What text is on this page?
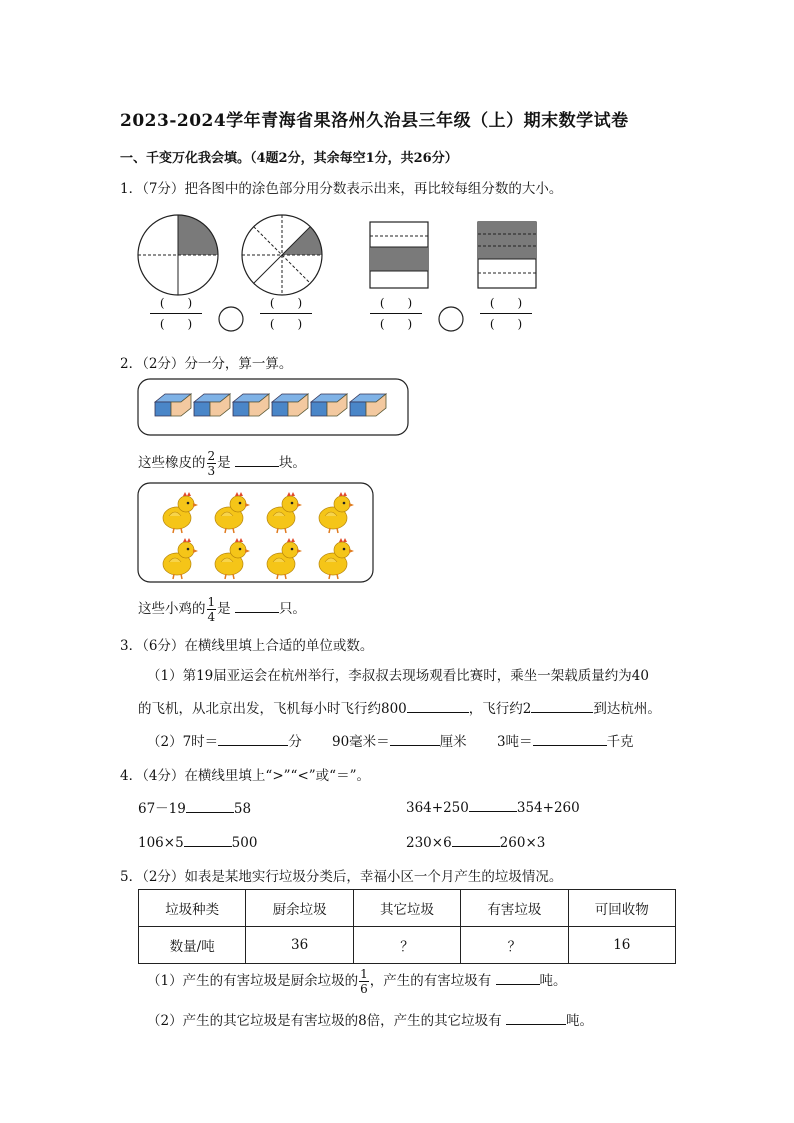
2023-2024学年青海省果洛州久治县三年级（上）期末数学试卷
一、千变万化我会填。（4题2分，其余每空1分，共26分）
1．（7分）把各图中的涂色部分用分数表示出来，再比较每组分数的大小。
( )
( )
( )
( )
( )
( )
( )
( )
2．（2分）分一分，算一算。
这些橡皮的 $\frac{2}{3}$ 是	块。
这些小鸡的 $\frac{1}{4}$ 是	只。
3．（6分）在横线里填上合适的单位或数。
（1）第19届亚运会在杭州举行，李叔叔去现场观看比赛时，乘坐一架载质量约为40
的飞机，从北京出发，飞机每小时飞行约800	，飞行约2	到达杭州。
（2）7时＝	分 90毫米＝	厘米 3吨＝	千克
4．（4分）在横线里填上“>”“<”或“＝”。
67－19	58	364+250	354+260
106×5	500	230×6	260×3
5．（2分）如表是某地实行垃圾分类后，幸福小区一个月产生的垃圾情况。
垃圾种类	厨余垃圾	其它垃圾	有害垃圾	可回收物
数量/吨	36	？	？	16
（1）产生的有害垃圾是厨余垃圾的 $\frac{1}{6}$ ，产生的有害垃圾有	吨。
（2）产生的其它垃圾是有害垃圾的8倍，产生的其它垃圾有	吨。
